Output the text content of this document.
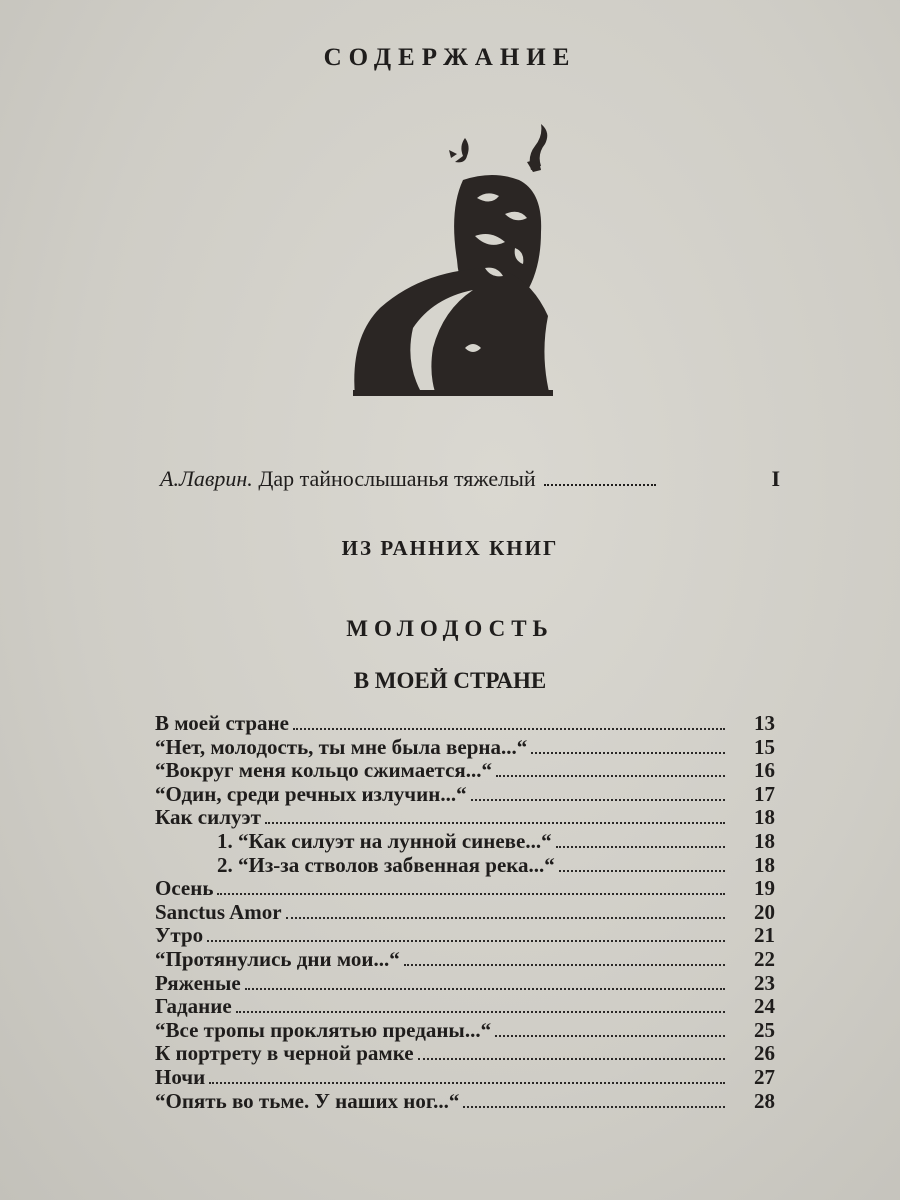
СОДЕРЖАНИЕ
А.Лаврин.
Дар тайнослышанья тяжелый	I
ИЗ РАННИХ КНИГ
МОЛОДОСТЬ
В МОЕЙ СТРАНЕ
В моей стране	13
“Нет, молодость, ты мне была верна...“	15
“Вокруг меня кольцо сжимается...“	16
“Один, среди речных излучин...“	17
Как силуэт	18
1. “Как силуэт на лунной синеве...“	18
2. “Из-за стволов забвенная река...“	18
Осень	19
Sanctus Amor	20
Утро	21
“Протянулись дни мои...“	22
Ряженые	23
Гадание	24
“Все тропы проклятью преданы...“	25
К портрету в черной рамке	26
Ночи	27
“Опять во тьме. У наших ног...“	28
